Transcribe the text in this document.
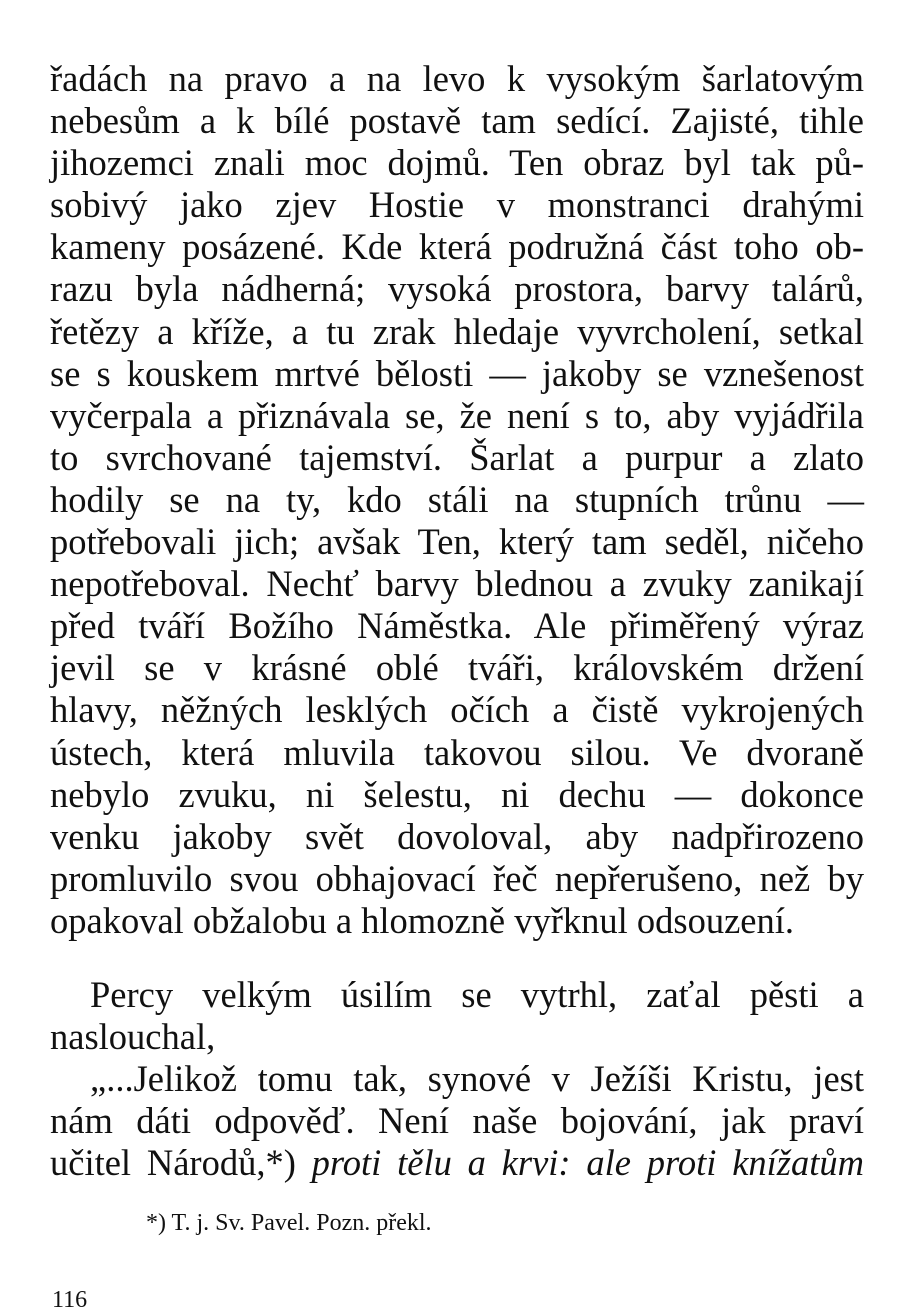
řadách na pravo a na levo k vysokým šarlatovým
nebesům a k bílé postavě tam sedící. Zajisté, tihle
jihozemci znali moc dojmů. Ten obraz byl tak pů-
sobivý jako zjev Hostie v monstranci drahými
kameny posázené. Kde která podružná část toho ob-
razu byla nádherná; vysoká prostora, barvy talárů,
řetězy a kříže, a tu zrak hledaje vyvrcholení, setkal
se s kouskem mrtvé bělosti — jakoby se vznešenost
vyčerpala a přiznávala se, že není s to, aby vyjádřila
to svrchované tajemství. Šarlat a purpur a zlato
hodily se na ty, kdo stáli na stupních trůnu —
potřebovali jich; avšak Ten, který tam seděl, ničeho
nepotřeboval. Nechť barvy blednou a zvuky zanikají
před tváří Božího Náměstka. Ale přiměřený výraz
jevil se v krásné oblé tváři, královském držení
hlavy, něžných lesklých očích a čistě vykrojených
ústech, která mluvila takovou silou. Ve dvoraně
nebylo zvuku, ni šelestu, ni dechu — dokonce
venku jakoby svět dovoloval, aby nadpřirozeno
promluvilo svou obhajovací řeč nepřerušeno, než by
opakoval obžalobu a hlomozně vyřknul odsouzení.

Percy velkým úsilím se vytrhl, zaťal pěsti a
naslouchal,
„...Jelikož tomu tak, synové v Ježíši Kristu, jest
nám dáti odpověď. Není naše bojování, jak praví
učitel Národů,*) proti tělu a krvi: ale proti knížatům
*) T. j. Sv. Pavel. Pozn. překl.
116
